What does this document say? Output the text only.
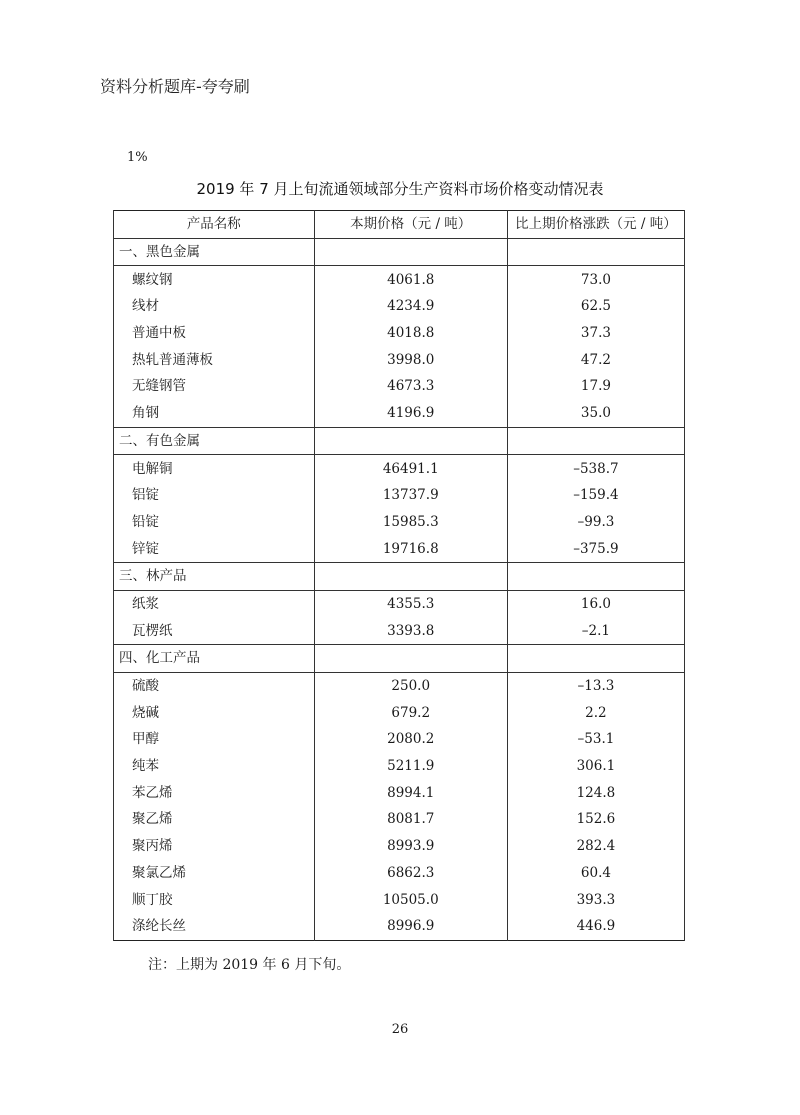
资料分析题库-夸夸刷
1%
2019 年 7 月上旬流通领域部分生产资料市场价格变动情况表
产品名称	本期价格（元 / 吨）	比上期价格涨跌（元 / 吨）
一、黑色金属		
螺纹钢	4061.8	73.0
线材	4234.9	62.5
普通中板	4018.8	37.3
热轧普通薄板	3998.0	47.2
无缝钢管	4673.3	17.9
角钢	4196.9	35.0
二、有色金属		
电解铜	46491.1	–538.7
铝锭	13737.9	–159.4
铅锭	15985.3	–99.3
锌锭	19716.8	–375.9
三、林产品		
纸浆	4355.3	16.0
瓦楞纸	3393.8	–2.1
四、化工产品		
硫酸	250.0	–13.3
烧碱	679.2	2.2
甲醇	2080.2	–53.1
纯苯	5211.9	306.1
苯乙烯	8994.1	124.8
聚乙烯	8081.7	152.6
聚丙烯	8993.9	282.4
聚氯乙烯	6862.3	60.4
顺丁胶	10505.0	393.3
涤纶长丝	8996.9	446.9
注：上期为 2019 年 6 月下旬。
26
